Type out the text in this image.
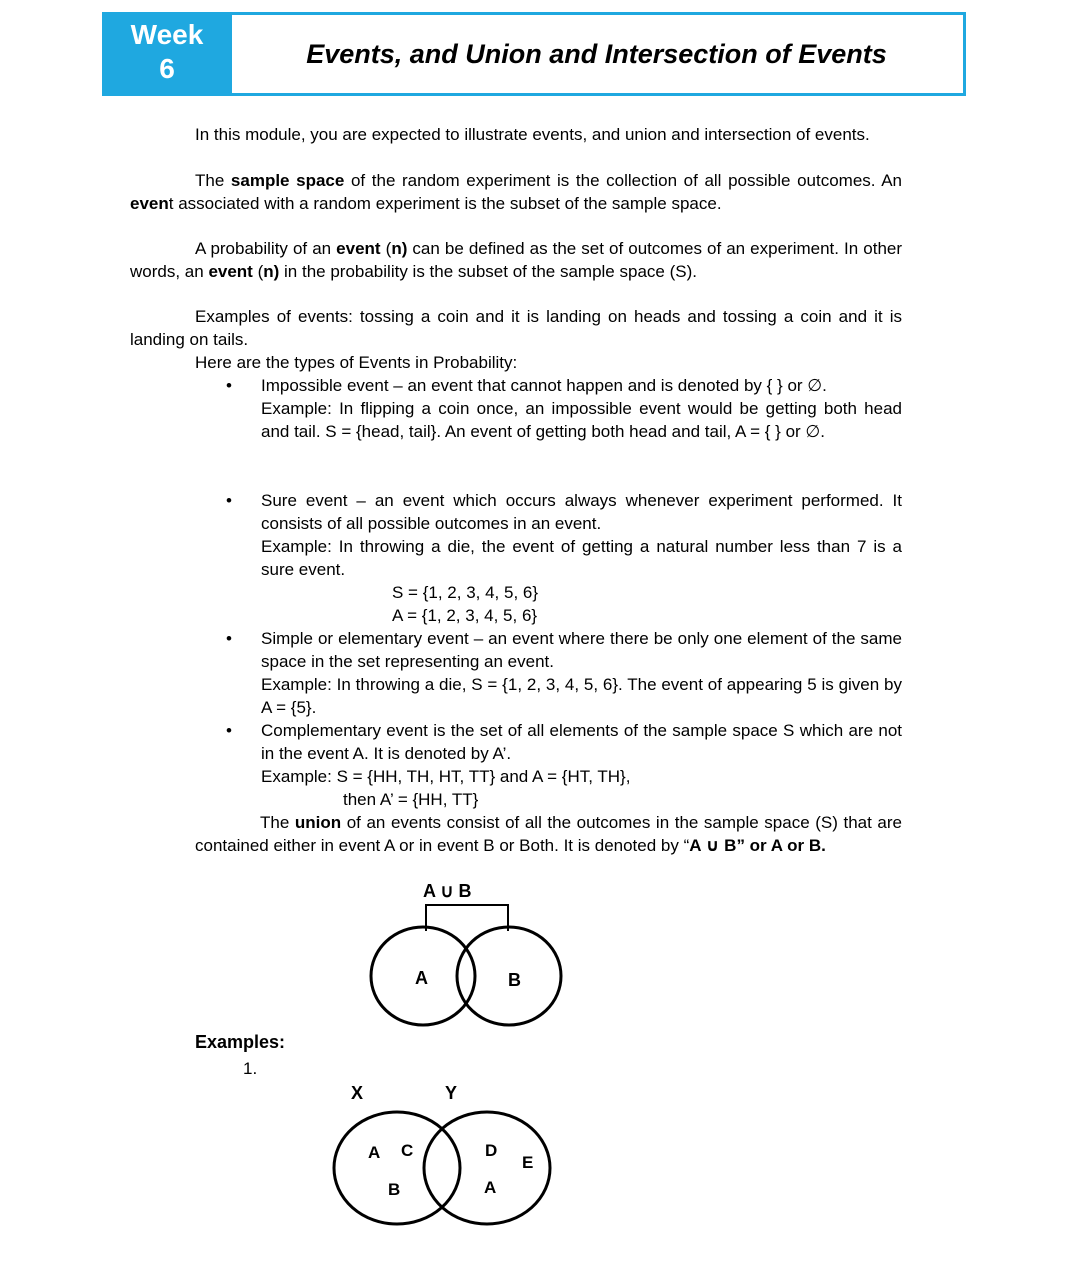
Week
6	Events, and Union and Intersection of Events

In this module, you are expected to illustrate events, and union and intersection of events.

The sample space of the random experiment is the collection of all possible outcomes. An event associated with a random experiment is the subset of the sample space.

A probability of an event (n) can be defined as the set of outcomes of an experiment. In other words, an event (n) in the probability is the subset of the sample space (S).

Examples of events: tossing a coin and it is landing on heads and tossing a coin and it is landing on tails.

Here are the types of Events in Probability:

• Impossible event – an event that cannot happen and is denoted by { } or ∅.

Example: In flipping a coin once, an impossible event would be getting both head and tail. S = {head, tail}. An event of getting both head and tail, A = { } or ∅.

• Sure event – an event which occurs always whenever experiment performed. It consists of all possible outcomes in an event.

Example: In throwing a die, the event of getting a natural number less than 7 is a sure event.

S = {1, 2, 3, 4, 5, 6}

A = {1, 2, 3, 4, 5, 6}

• Simple or elementary event – an event where there be only one element of the same space in the set representing an event.

Example: In throwing a die, S = {1, 2, 3, 4, 5, 6}. The event of appearing 5 is given by A = {5}.

• Complementary event is the set of all elements of the sample space S which are not in the event A. It is denoted by A’.

Example: S = {HH, TH, HT, TT} and A = {HT, TH},

then A’ = {HH, TT}

The union of an events consist of all the outcomes in the sample space (S) that are contained either in event A or in event B or Both. It is denoted by “A ∪ B” or A or B.

A ∪ B
A	B

Examples:

1.

X	Y
A C
B
D
E
A
